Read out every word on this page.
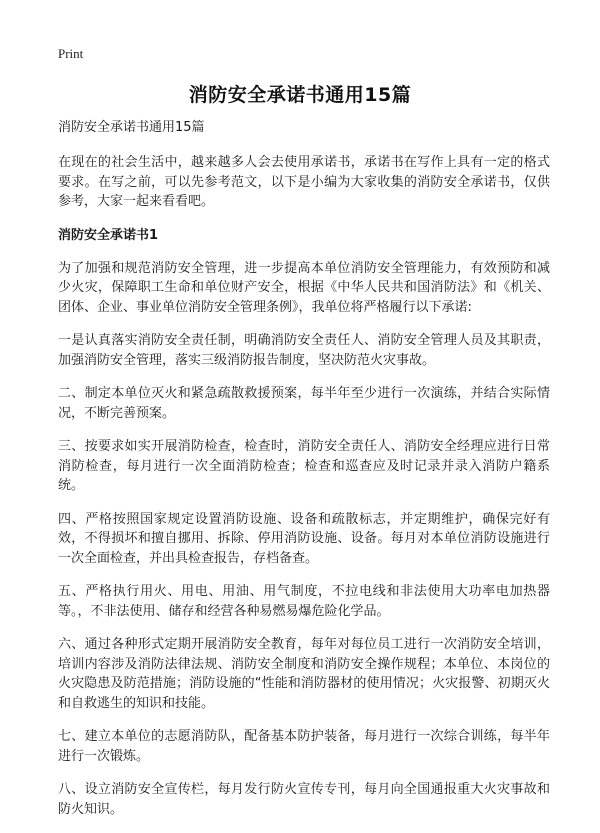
Print
消防安全承诺书通用15篇

消防安全承诺书通用15篇

在现在的社会生活中，越来越多人会去使用承诺书，承诺书在写作上具有一定的格式要求。在写之前，可以先参考范文，以下是小编为大家收集的消防安全承诺书，仅供参考，大家一起来看看吧。

消防安全承诺书1

为了加强和规范消防安全管理，进一步提高本单位消防安全管理能力，有效预防和减少火灾，保障职工生命和单位财产安全，根据《中华人民共和国消防法》和《机关、团体、企业、事业单位消防安全管理条例》，我单位将严格履行以下承诺:

一是认真落实消防安全责任制，明确消防安全责任人、消防安全管理人员及其职责，加强消防安全管理，落实三级消防报告制度，坚决防范火灾事故。

二、制定本单位灭火和紧急疏散救援预案，每半年至少进行一次演练，并结合实际情况，不断完善预案。

三、按要求如实开展消防检查，检查时，消防安全责任人、消防安全经理应进行日常消防检查，每月进行一次全面消防检查；检查和巡查应及时记录并录入消防户籍系统。

四、严格按照国家规定设置消防设施、设备和疏散标志，并定期维护，确保完好有效，不得损坏和擅自挪用、拆除、停用消防设施、设备。每月对本单位消防设施进行一次全面检查，并出具检查报告，存档备查。

五、严格执行用火、用电、用油、用气制度，不拉电线和非法使用大功率电加热器等。，不非法使用、储存和经营各种易燃易爆危险化学品。

六、通过各种形式定期开展消防安全教育，每年对每位员工进行一次消防安全培训，培训内容涉及消防法律法规、消防安全制度和消防安全操作规程；本单位、本岗位的火灾隐患及防范措施；消防设施的“性能和消防器材的使用情况；火灾报警、初期灭火和自救逃生的知识和技能。

七、建立本单位的志愿消防队，配备基本防护装备，每月进行一次综合训练，每半年进行一次锻炼。

八、设立消防安全宣传栏，每月发行防火宣传专刊，每月向全国通报重大火灾事故和防火知识。
